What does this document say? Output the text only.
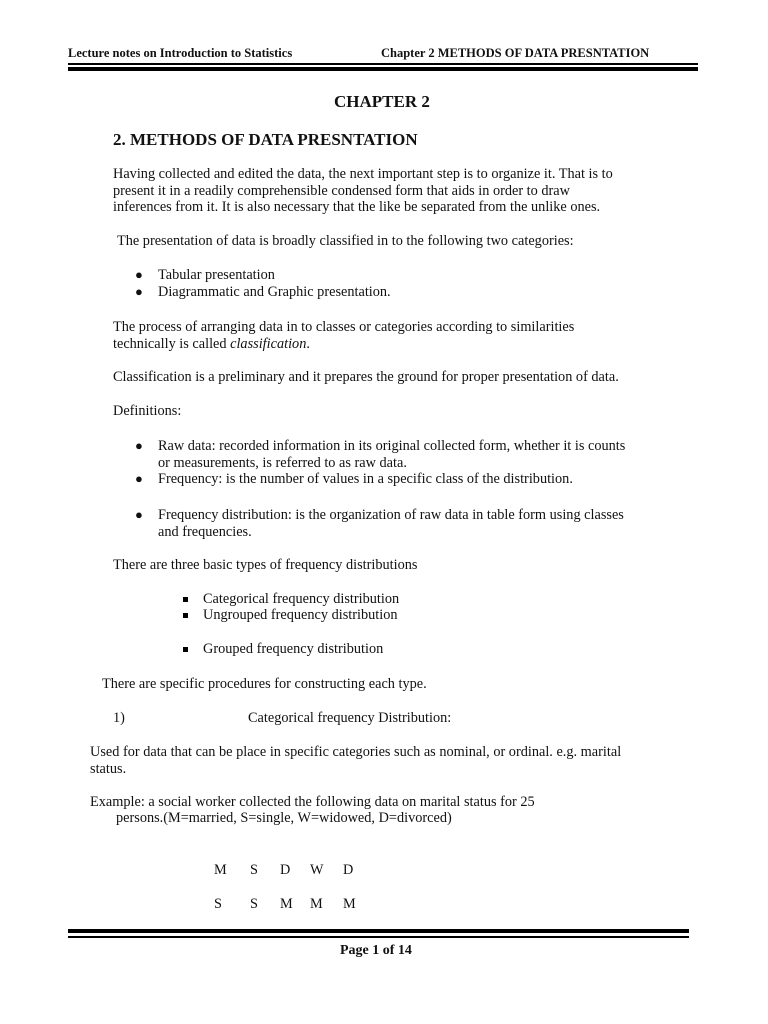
Lecture notes on Introduction to Statistics	Chapter 2 METHODS OF DATA PRESNTATION
CHAPTER 2
2. METHODS OF DATA PRESNTATION
Having collected and edited the data, the next important step is to organize it. That is to
present it in a readily comprehensible condensed form that aids in order to draw
inferences from it. It is also necessary that the like be separated from the unlike ones.
The presentation of data is broadly classified in to the following two categories:
● Tabular presentation
● Diagrammatic and Graphic presentation.
The process of arranging data in to classes or categories according to similarities
technically is called classification.
Classification is a preliminary and it prepares the ground for proper presentation of data.
Definitions:
● Raw data: recorded information in its original collected form, whether it is counts
or measurements, is referred to as raw data.
● Frequency: is the number of values in a specific class of the distribution.
● Frequency distribution: is the organization of raw data in table form using classes
and frequencies.
There are three basic types of frequency distributions
Categorical frequency distribution
Ungrouped frequency distribution
Grouped frequency distribution
There are specific procedures for constructing each type.
1)	Categorical frequency Distribution:
Used for data that can be place in specific categories such as nominal, or ordinal. e.g. marital
status.
Example: a social worker collected the following data on marital status for 25
persons.(M=married, S=single, W=widowed, D=divorced)
M S D W D
S S M M M
Page 1 of 14
